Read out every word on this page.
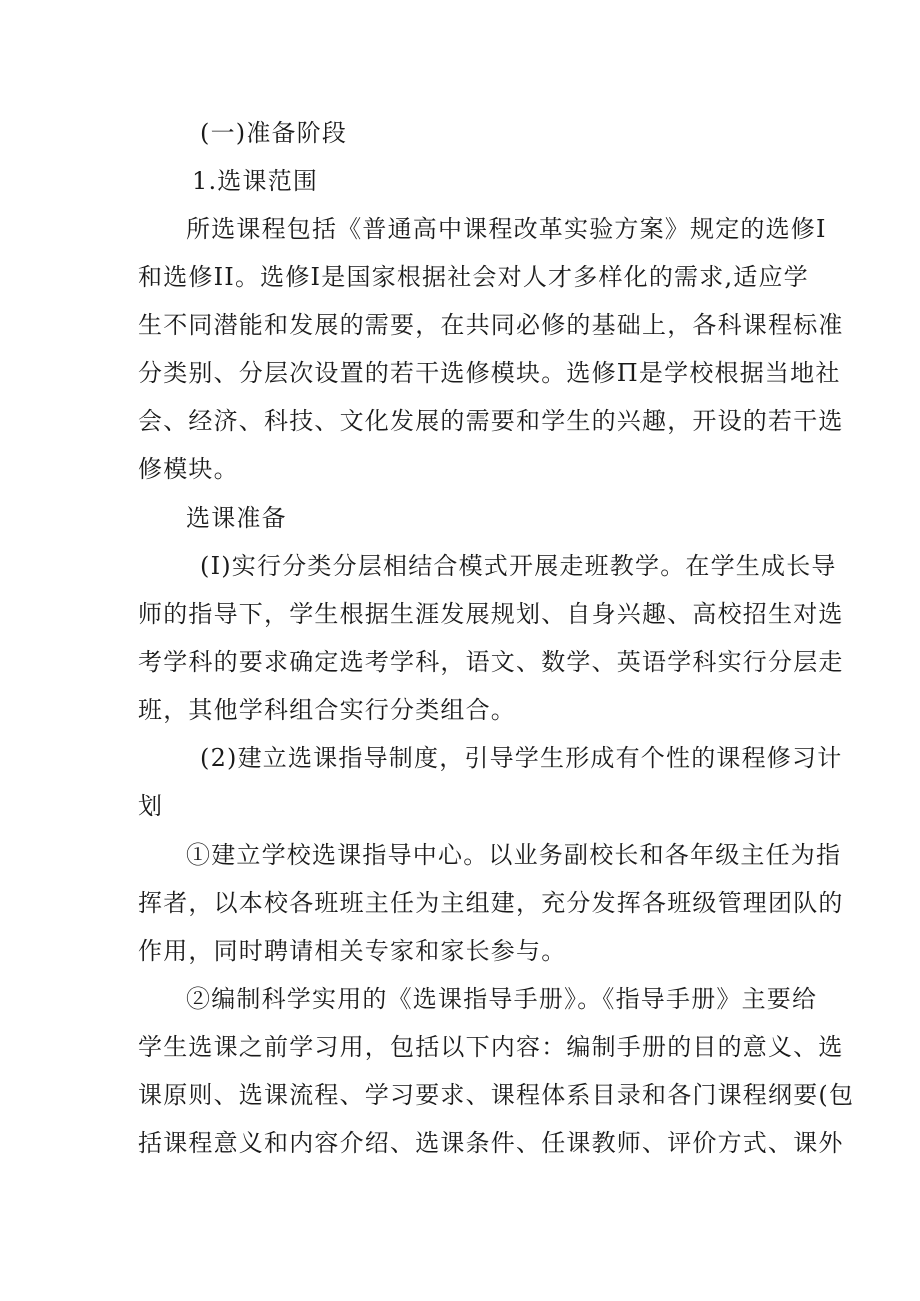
(一)准备阶段
1.选课范围
所选课程包括《普通高中课程改革实验方案》规定的选修Ⅰ
和选修ⅠI。选修Ⅰ是国家根据社会对人才多样化的需求,适应学
生不同潜能和发展的需要，在共同必修的基础上，各科课程标准
分类别、分层次设置的若干选修模块。选修Π是学校根据当地社
会、经济、科技、文化发展的需要和学生的兴趣，开设的若干选
修模块。
选课准备
(I)实行分类分层相结合模式开展走班教学。在学生成长导
师的指导下，学生根据生涯发展规划、自身兴趣、高校招生对选
考学科的要求确定选考学科，语文、数学、英语学科实行分层走
班，其他学科组合实行分类组合。
(2)建立选课指导制度，引导学生形成有个性的课程修习计
划
①建立学校选课指导中心。以业务副校长和各年级主任为指
挥者，以本校各班班主任为主组建，充分发挥各班级管理团队的
作用，同时聘请相关专家和家长参与。
②编制科学实用的《选课指导手册》。《指导手册》主要给
学生选课之前学习用，包括以下内容：编制手册的目的意义、选
课原则、选课流程、学习要求、课程体系目录和各门课程纲要(包
括课程意义和内容介绍、选课条件、任课教师、评价方式、课外
